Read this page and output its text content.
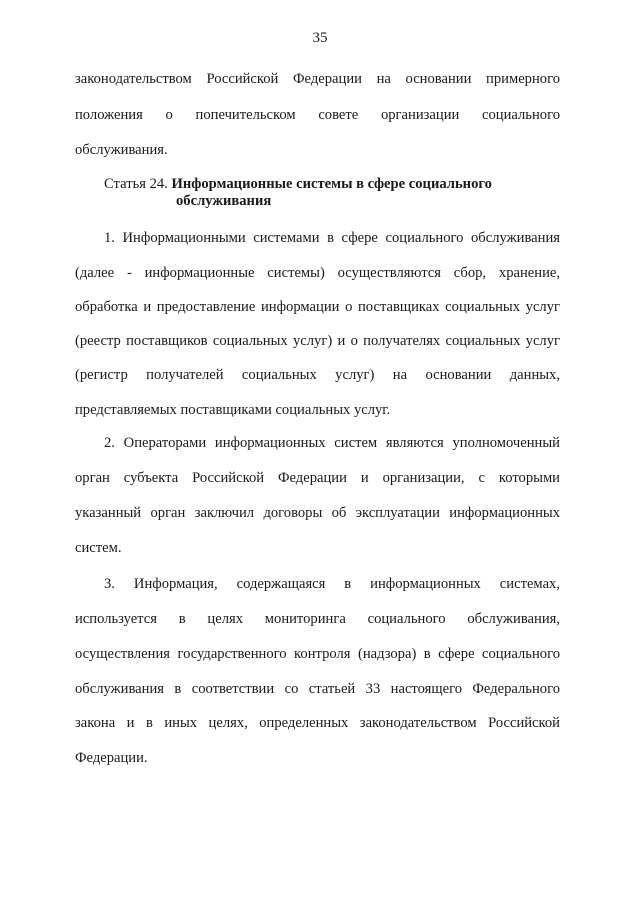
35
законодательством Российской Федерации на основании примерного
положения о попечительском совете организации социального
обслуживания.
Статья 24. Информационные системы в сфере социального
обслуживания
1. Информационными системами в сфере социального обслуживания
(далее - информационные системы) осуществляются сбор, хранение,
обработка и предоставление информации о поставщиках социальных услуг
(реестр поставщиков социальных услуг) и о получателях социальных услуг
(регистр получателей социальных услуг) на основании данных,
представляемых поставщиками социальных услуг.
2. Операторами информационных систем являются уполномоченный
орган субъекта Российской Федерации и организации, с которыми
указанный орган заключил договоры об эксплуатации информационных
систем.
3. Информация, содержащаяся в информационных системах,
используется в целях мониторинга социального обслуживания,
осуществления государственного контроля (надзора) в сфере социального
обслуживания в соответствии со статьей 33 настоящего Федерального
закона и в иных целях, определенных законодательством Российской
Федерации.
